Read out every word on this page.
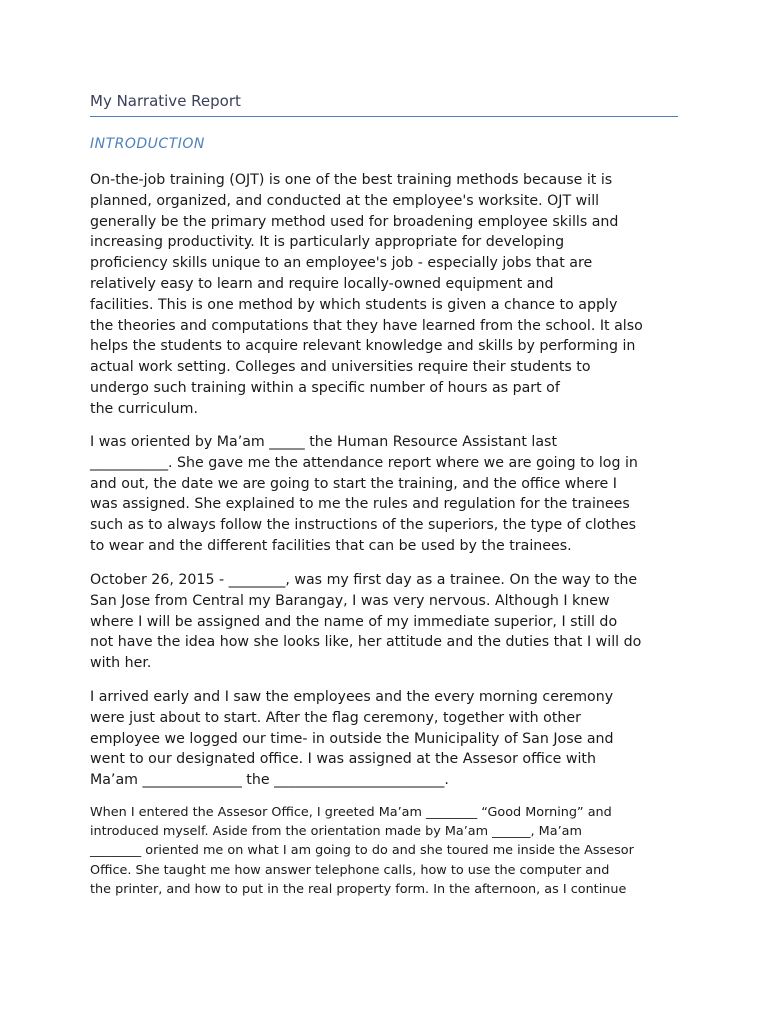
My Narrative Report
INTRODUCTION

On-the-job training (OJT) is one of the best training methods because it is
planned, organized, and conducted at the employee's worksite. OJT will
generally be the primary method used for broadening employee skills and
increasing productivity. It is particularly appropriate for developing
proficiency skills unique to an employee's job - especially jobs that are
relatively easy to learn and require locally-owned equipment and
facilities. This is one method by which students is given a chance to apply
the theories and computations that they have learned from the school. It also
helps the students to acquire relevant knowledge and skills by performing in
actual work setting. Colleges and universities require their students to
undergo such training within a specific number of hours as part of
the curriculum.

I was oriented by Ma’am _____ the Human Resource Assistant last
___________. She gave me the attendance report where we are going to log in
and out, the date we are going to start the training, and the office where I
was assigned. She explained to me the rules and regulation for the trainees
such as to always follow the instructions of the superiors, the type of clothes
to wear and the different facilities that can be used by the trainees.

October 26, 2015 - ________, was my first day as a trainee. On the way to the
San Jose from Central my Barangay, I was very nervous. Although I knew
where I will be assigned and the name of my immediate superior, I still do
not have the idea how she looks like, her attitude and the duties that I will do
with her.

I arrived early and I saw the employees and the every morning ceremony
were just about to start. After the flag ceremony, together with other
employee we logged our time- in outside the Municipality of San Jose and
went to our designated office. I was assigned at the Assesor office with
Ma’am ______________ the ________________________.

When I entered the Assesor Office, I greeted Ma’am ________ “Good Morning” and
introduced myself. Aside from the orientation made by Ma’am ______, Ma’am
________ oriented me on what I am going to do and she toured me inside the Assesor
Office. She taught me how answer telephone calls, how to use the computer and
the printer, and how to put in the real property form. In the afternoon, as I continue
